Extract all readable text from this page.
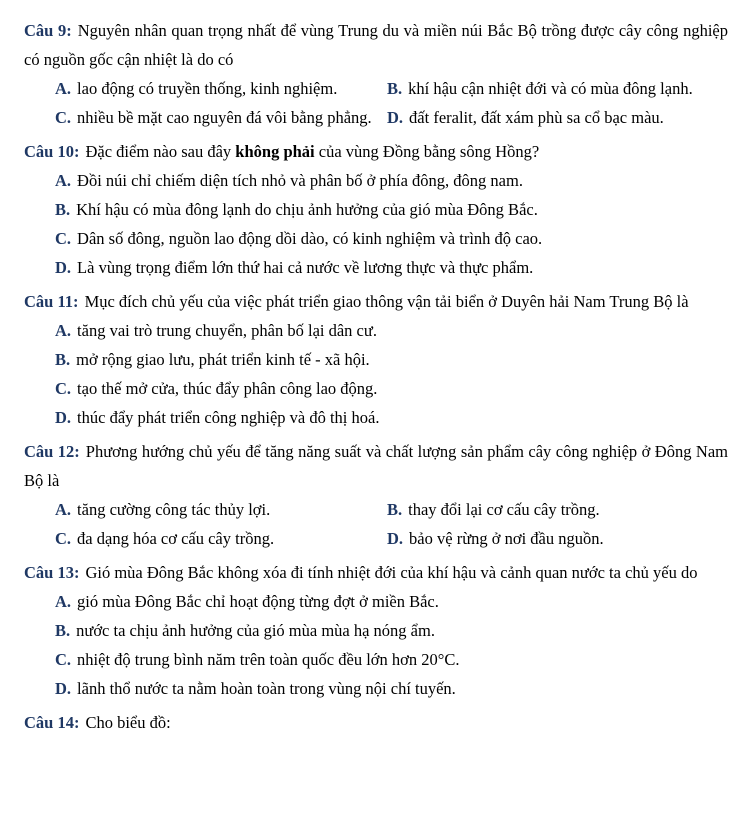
Câu 9: Nguyên nhân quan trọng nhất để vùng Trung du và miền núi Bắc Bộ trồng được cây công nghiệp có nguồn gốc cận nhiệt là do có

A. lao động có truyền thống, kinh nghiệm.	B. khí hậu cận nhiệt đới và có mùa đông lạnh.

C. nhiều bề mặt cao nguyên đá vôi bằng phẳng. D. đất feralit, đất xám phù sa cổ bạc màu.

Câu 10: Đặc điểm nào sau đây không phải của vùng Đồng bằng sông Hồng?

A. Đồi núi chỉ chiếm diện tích nhỏ và phân bố ở phía đông, đông nam.

B. Khí hậu có mùa đông lạnh do chịu ảnh hưởng của gió mùa Đông Bắc.

C. Dân số đông, nguồn lao động dồi dào, có kinh nghiệm và trình độ cao.

D. Là vùng trọng điểm lớn thứ hai cả nước về lương thực và thực phẩm.

Câu 11: Mục đích chủ yếu của việc phát triển giao thông vận tải biển ở Duyên hải Nam Trung Bộ là

A. tăng vai trò trung chuyển, phân bố lại dân cư.

B. mở rộng giao lưu, phát triển kinh tế - xã hội.

C. tạo thế mở cửa, thúc đẩy phân công lao động.

D. thúc đẩy phát triển công nghiệp và đô thị hoá.

Câu 12: Phương hướng chủ yếu để tăng năng suất và chất lượng sản phẩm cây công nghiệp ở Đông Nam Bộ là

A. tăng cường công tác thủy lợi.	B. thay đổi lại cơ cấu cây trồng.

C. đa dạng hóa cơ cấu cây trồng.	D. bảo vệ rừng ở nơi đầu nguồn.

Câu 13: Gió mùa Đông Bắc không xóa đi tính nhiệt đới của khí hậu và cảnh quan nước ta chủ yếu do

A. gió mùa Đông Bắc chỉ hoạt động từng đợt ở miền Bắc.

B. nước ta chịu ảnh hưởng của gió mùa mùa hạ nóng ẩm.

C. nhiệt độ trung bình năm trên toàn quốc đều lớn hơn 20°C.

D. lãnh thổ nước ta nằm hoàn toàn trong vùng nội chí tuyến.

Câu 14: Cho biểu đồ:
